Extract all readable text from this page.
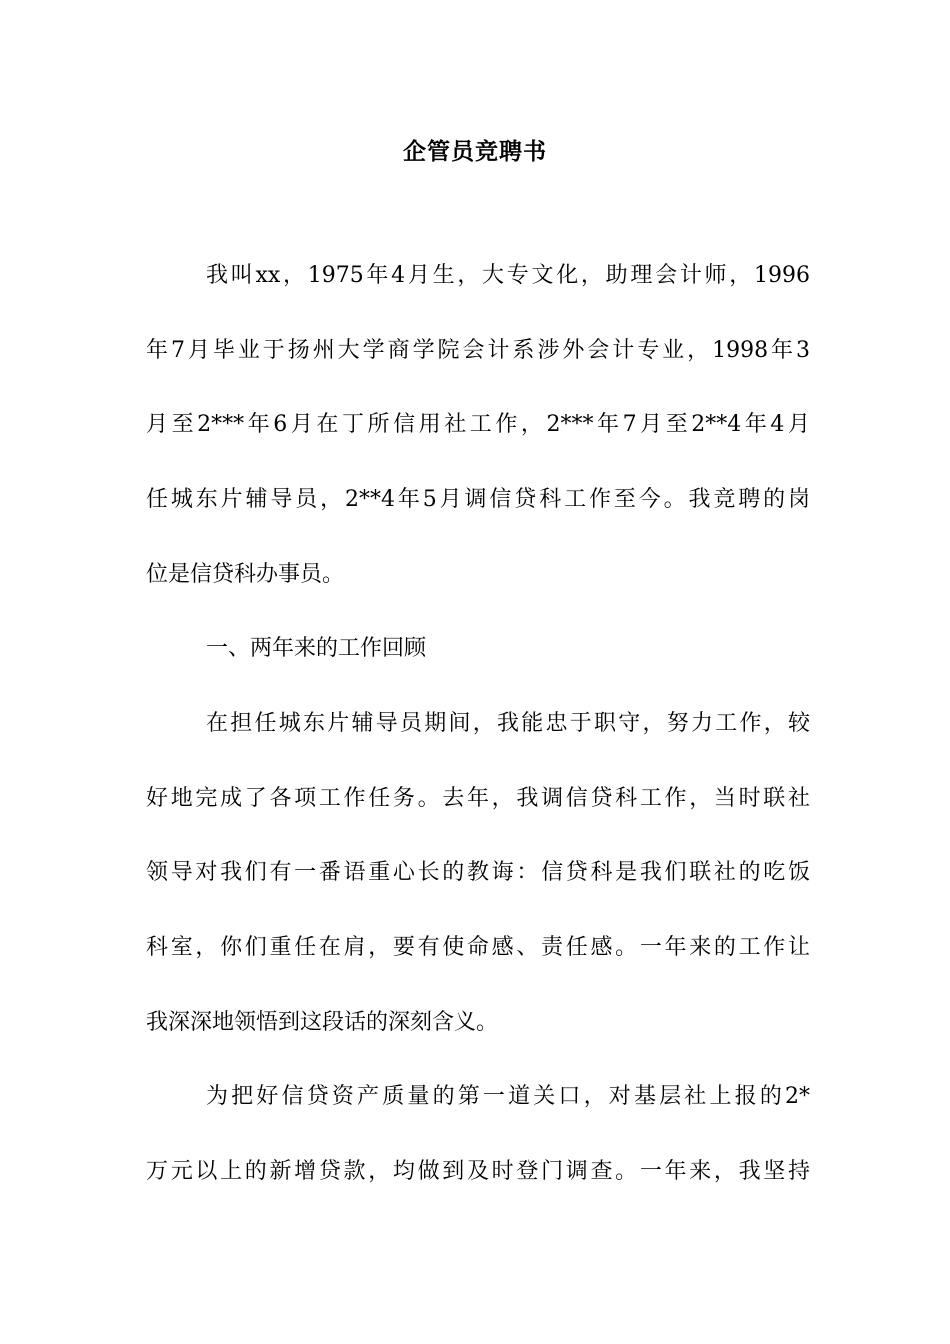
企管员竞聘书
我叫xx，1975年4月生，大专文化，助理会计师，1996
年7月毕业于扬州大学商学院会计系涉外会计专业，1998年3
月至2***年6月在丁所信用社工作，2***年7月至2**4年4月
任城东片辅导员，2**4年5月调信贷科工作至今。我竞聘的岗
位是信贷科办事员。
一、两年来的工作回顾
在担任城东片辅导员期间，我能忠于职守，努力工作，较
好地完成了各项工作任务。去年，我调信贷科工作，当时联社
领导对我们有一番语重心长的教诲：信贷科是我们联社的吃饭
科室，你们重任在肩，要有使命感、责任感。一年来的工作让
我深深地领悟到这段话的深刻含义。
为把好信贷资产质量的第一道关口，对基层社上报的2*
万元以上的新增贷款，均做到及时登门调查。一年来，我坚持
